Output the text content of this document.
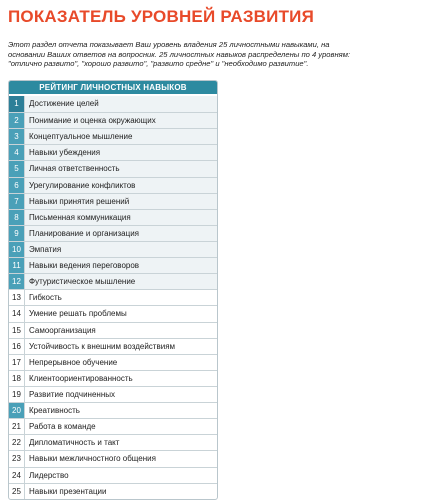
ПОКАЗАТЕЛЬ УРОВНЕЙ РАЗВИТИЯ
Этот раздел отчета показывает Ваш уровень владения 25 личностными навыками, на
основании Ваших ответов на вопросник. 25 личностных навыков распределены по 4 уровням:
"отлично развито", "хорошо развито", "развито средне" и "необходимо развитие".
РЕЙТИНГ ЛИЧНОСТНЫХ НАВЫКОВ
1	Достижение целей
2	Понимание и оценка окружающих
3	Концептуальное мышление
4	Навыки убеждения
5	Личная ответственность
6	Урегулирование конфликтов
7	Навыки принятия решений
8	Письменная коммуникация
9	Планирование и организация
10	Эмпатия
11	Навыки ведения переговоров
12	Футуристическое мышление
13	Гибкость
14	Умение решать проблемы
15	Самоорганизация
16	Устойчивость к внешним воздействиям
17	Непрерывное обучение
18	Клиентоориентированность
19	Развитие подчиненных
20	Креативность
21	Работа в команде
22	Дипломатичность и такт
23	Навыки межличностного общения
24	Лидерство
25	Навыки презентации
